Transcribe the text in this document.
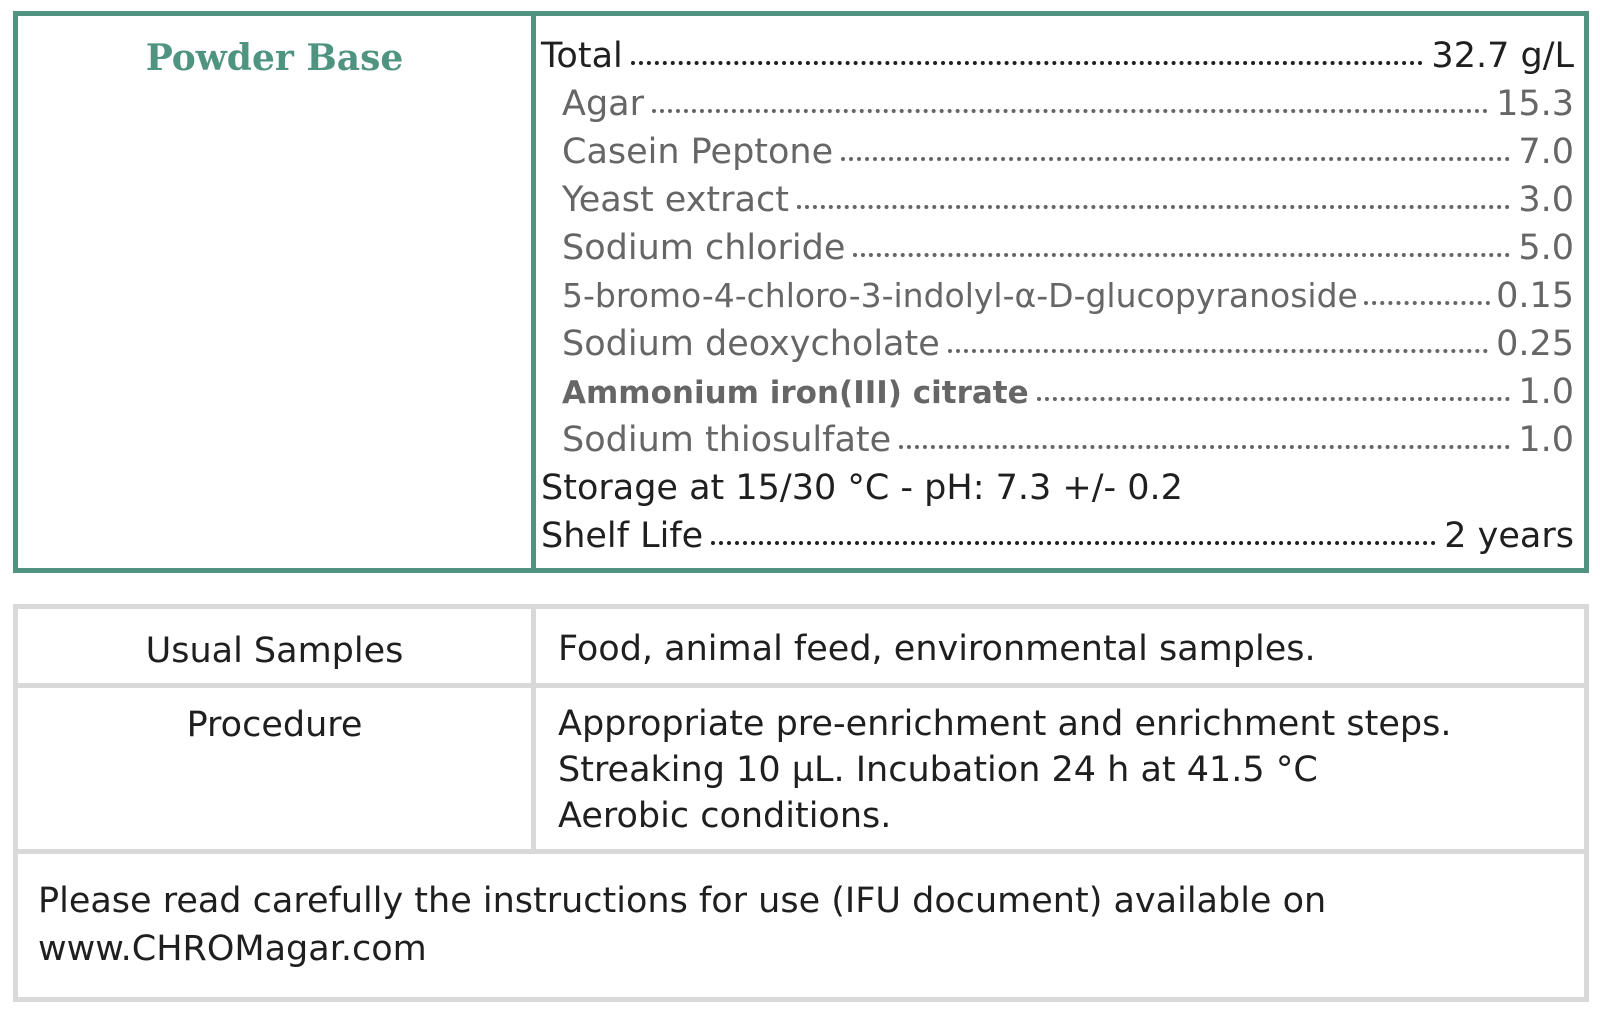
Powder Base	Total	32.7 g/L
Agar	15.3
Casein Peptone	7.0
Yeast extract	3.0
Sodium chloride	5.0
5-bromo-4-chloro-3-indolyl-α-D-glucopyranoside	0.15
Sodium deoxycholate	0.25
Ammonium iron(III) citrate	1.0
Sodium thiosulfate	1.0
Storage at 15/30 °C - pH: 7.3 +/- 0.2
Shelf Life	2 years
Usual Samples	Food, animal feed, environmental samples.
Procedure	Appropriate pre-enrichment and enrichment steps.
Streaking 10 µL. Incubation 24 h at 41.5 °C
Aerobic conditions.
Please read carefully the instructions for use (IFU document) available on
www.CHROMagar.com
